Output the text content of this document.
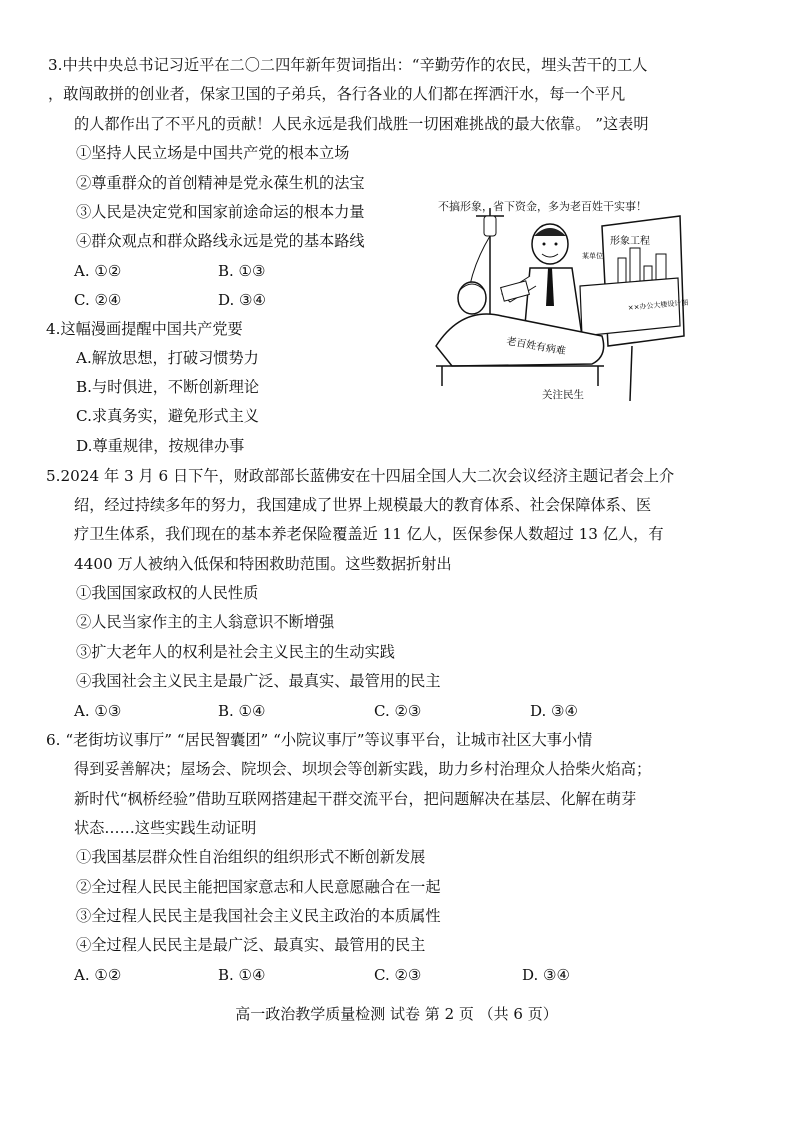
3.中共中央总书记习近平在二〇二四年新年贺词指出：“辛勤劳作的农民，埋头苦干的工人
，敢闯敢拼的创业者，保家卫国的子弟兵，各行各业的人们都在挥洒汗水，每一个平凡
的人都作出了不平凡的贡献！人民永远是我们战胜一切困难挑战的最大依靠。 ”这表明
①坚持人民立场是中国共产党的根本立场
②尊重群众的首创精神是党永葆生机的法宝
③人民是决定党和国家前途命运的根本力量
④群众观点和群众路线永远是党的基本路线
A. ①②	B. ①③
C. ②④	D. ③④
不搞形象，省下资金，多为老百姓干实事！
形象工程
××办公大楼设计图
某单位
老百姓有病难
关注民生
4.这幅漫画提醒中国共产党要
A.解放思想，打破习惯势力
B.与时俱进，不断创新理论
C.求真务实，避免形式主义
D.尊重规律，按规律办事
5.2024 年 3 月 6 日下午，财政部部长蓝佛安在十四届全国人大二次会议经济主题记者会上介
绍，经过持续多年的努力，我国建成了世界上规模最大的教育体系、社会保障体系、医
疗卫生体系，我们现在的基本养老保险覆盖近 11 亿人，医保参保人数超过 13 亿人，有
4400 万人被纳入低保和特困救助范围。这些数据折射出
①我国国家政权的人民性质
②人民当家作主的主人翁意识不断增强
③扩大老年人的权利是社会主义民主的生动实践
④我国社会主义民主是最广泛、最真实、最管用的民主
A. ①③	B. ①④	C. ②③	D. ③④
6. “老街坊议事厅” “居民智囊团” “小院议事厅”等议事平台，让城市社区大事小情
得到妥善解决；屋场会、院坝会、坝坝会等创新实践，助力乡村治理众人拾柴火焰高；
新时代“枫桥经验”借助互联网搭建起干群交流平台，把问题解决在基层、化解在萌芽
状态……这些实践生动证明
①我国基层群众性自治组织的组织形式不断创新发展
②全过程人民民主能把国家意志和人民意愿融合在一起
③全过程人民民主是我国社会主义民主政治的本质属性
④全过程人民民主是最广泛、最真实、最管用的民主
A. ①②	B. ①④	C. ②③	D. ③④
高一政治教学质量检测 试卷 第 2 页 （共 6 页）
